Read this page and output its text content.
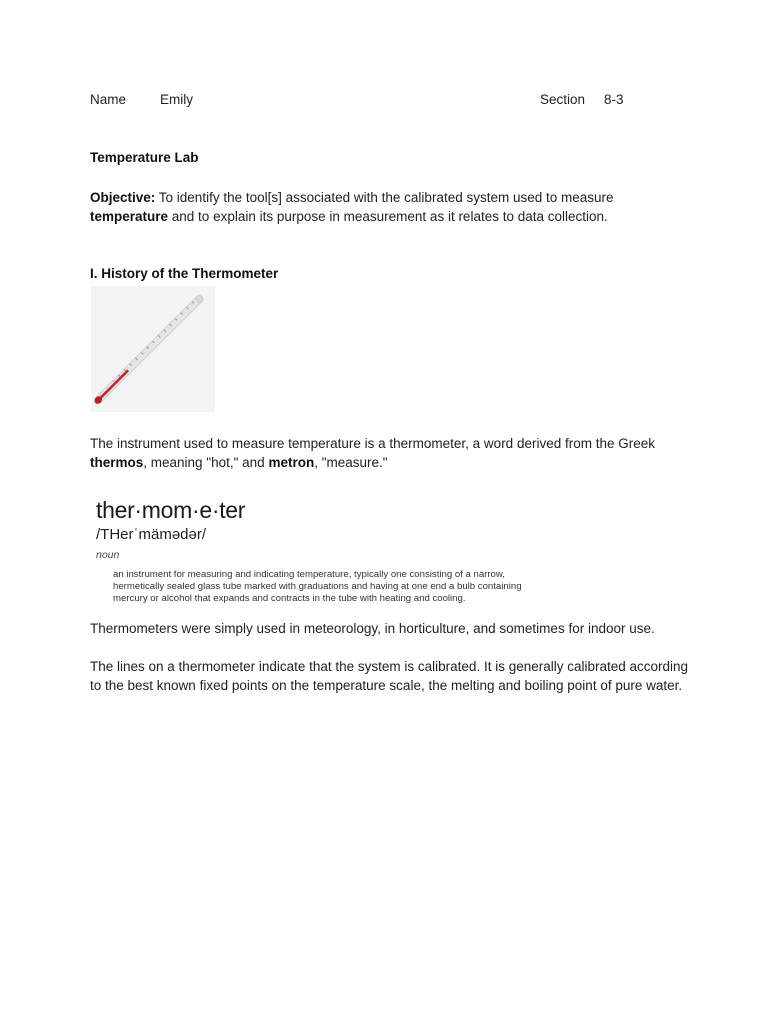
Name	Emily	Section 8-3
Temperature Lab
Objective: To identify the tool[s] associated with the calibrated system used to measure temperature and to explain its purpose in measurement as it relates to data collection.
I. History of the Thermometer
The instrument used to measure temperature is a thermometer, a word derived from the Greek thermos, meaning "hot," and metron, "measure."
ther·mom·e·ter
/THerˈmämədər/
noun
an instrument for measuring and indicating temperature, typically one consisting of a narrow,
hermetically sealed glass tube marked with graduations and having at one end a bulb containing
mercury or alcohol that expands and contracts in the tube with heating and cooling.
Thermometers were simply used in meteorology, in horticulture, and sometimes for indoor use.
The lines on a thermometer indicate that the system is calibrated. It is generally calibrated according to the best known fixed points on the temperature scale, the melting and boiling point of pure water.
